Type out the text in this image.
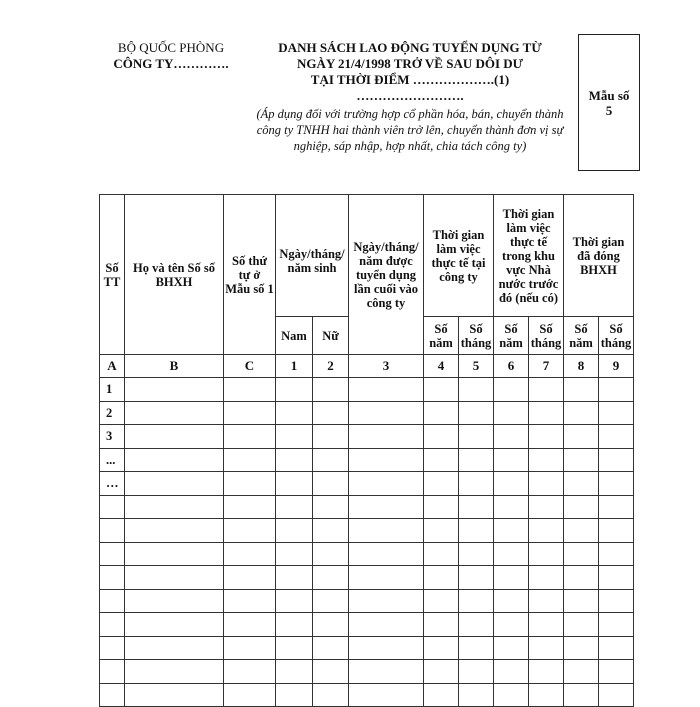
BỘ QUỐC PHÒNG
CÔNG TY………….
DANH SÁCH LAO ĐỘNG TUYỂN DỤNG TỪ
NGÀY 21/4/1998 TRỞ VỀ SAU DÔI DƯ
TẠI THỜI ĐIỂM ……………….(1)
…………………….
(Áp dụng đối với trường hợp cổ phần hóa, bán, chuyển thành công ty TNHH hai thành viên trở lên, chuyển thành đơn vị sự nghiệp, sáp nhập, hợp nhất, chia tách công ty)
Mẫu số
5
Số TT	Họ và tên Số số BHXH	Số thứ tự ở Mẫu số 1	Ngày/tháng/ năm sinh		Ngày/tháng/ năm được tuyển dụng lần cuối vào công ty	Thời gian làm việc thực tế tại công ty		Thời gian làm việc thực tế trong khu vực Nhà nước trước đó (nếu có)		Thời gian đã đóng BHXH	
			Nam	Nữ		Số năm	Số tháng	Số năm	Số tháng	Số năm	Số tháng
A	B	C	1	2	3	4	5	6	7	8	9
1											
2											
3											
...											
…											
